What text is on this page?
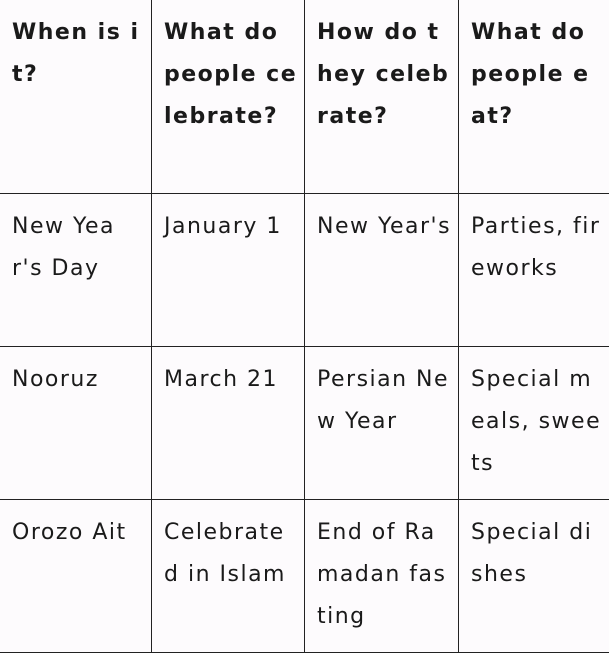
When is it?	What do people celebrate?	How do they celebrate?	What do people eat?
New Year's Day	January 1	New Year's	Parties, fireworks
Nooruz	March 21	Persian New Year	Special meals, sweets
Orozo Ait	Celebrated in Islam	End of Ramadan fasting	Special dishes
